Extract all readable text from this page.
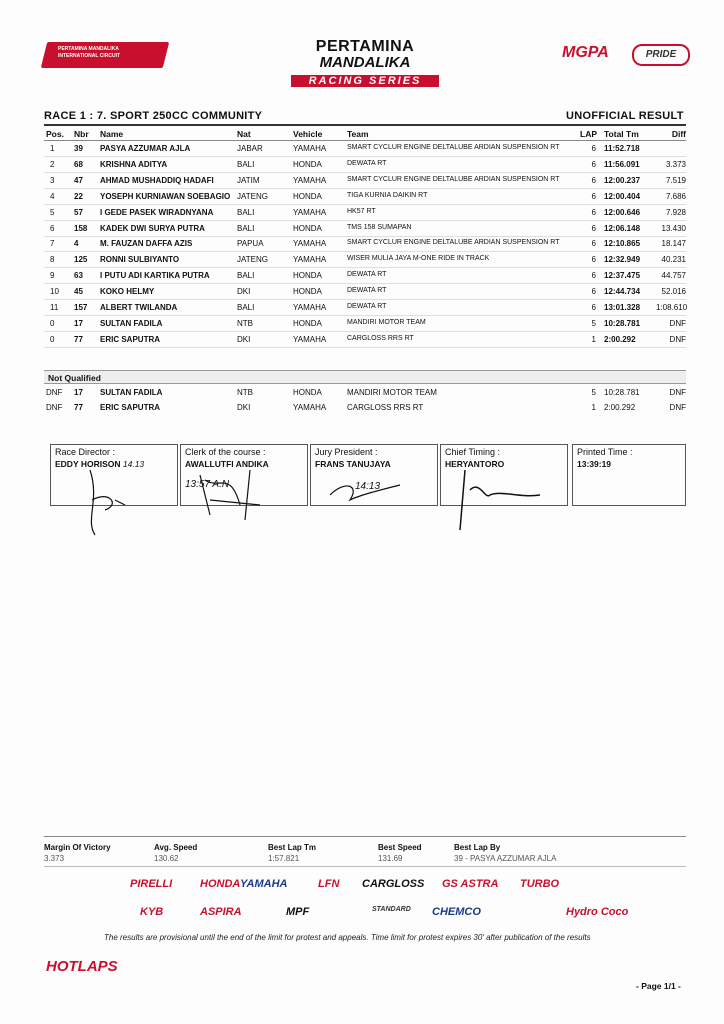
PERTAMINA MANDALIKA
INTERNATIONAL CIRCUIT
PERTAMINA
MANDALIKA
RACING SERIES
MGPA	PRIDE
RACE 1 : 7. SPORT 250CC COMMUNITY	UNOFFICIAL RESULT
Pos. Nbr	Name	Nat	Vehicle	Team	LAP Total Tm	Diff
1	39	PASYA AZZUMAR AJLA	JABAR	YAMAHA	SMART CYCLUR ENGINE DELTALUBE ARDIAN SUSPENSION RT	6 11:52.718
2	68	KRISHNA ADITYA	BALI	HONDA	DEWATA RT	6 11:56.091	3.373
3	47	AHMAD MUSHADDIQ HADAFI	JATIM	YAMAHA	SMART CYCLUR ENGINE DELTALUBE ARDIAN SUSPENSION RT	6 12:00.237	7.519
4	22	YOSEPH KURNIAWAN SOEBAGIO JATENG	HONDA	TIGA KURNIA DAIKIN RT	6 12:00.404	7.686
5	57	I GEDE PASEK WIRADNYANA	BALI	YAMAHA	HK57 RT	6 12:00.646	7.928
6	158	KADEK DWI SURYA PUTRA	BALI	HONDA	TMS 158 SUMAPAN	6 12:06.148	13.430
7	4	M. FAUZAN DAFFA AZIS	PAPUA	YAMAHA	SMART CYCLUR ENGINE DELTALUBE ARDIAN SUSPENSION RT	6 12:10.865	18.147
8	125	RONNI SULBIYANTO	JATENG	YAMAHA	WISER MULIA JAYA M-ONE RIDE IN TRACK	6 12:32.949	40.231
9	63	I PUTU ADI KARTIKA PUTRA	BALI	HONDA	DEWATA RT	6 12:37.475	44.757
10	45	KOKO HELMY	DKI	HONDA	DEWATA RT	6 12:44.734	52.016
11	157	ALBERT TWILANDA	BALI	YAMAHA	DEWATA RT	6 13:01.328	1:08.610
0	17	SULTAN FADILA	NTB	HONDA	MANDIRI MOTOR TEAM	5 10:28.781	DNF
0	77	ERIC SAPUTRA	DKI	YAMAHA	CARGLOSS RRS RT	1 2:00.292	DNF
Not Qualified
DNF	17	SULTAN FADILA	NTB	HONDA	MANDIRI MOTOR TEAM	5 10:28.781	DNF
DNF	77	ERIC SAPUTRA	DKI	YAMAHA	CARGLOSS RRS RT	1 2:00.292	DNF
Race Director :
EDDY HORISON 14.13
Clerk of the course :
AWALLUTFI ANDIKA
13:57 A.N
Jury President :
FRANS TANUJAYA
14:13
Chief Timing :
HERYANTORO
Printed Time :
13:39:19
Margin Of Victory
3.373
Avg. Speed
130.62
Best Lap Tm
1:57.821
Best Speed
131.69
Best Lap By
39 - PASYA AZZUMAR AJLA
PIRELLI	HONDA YAMAHA	LFN CARGLOSS GS ASTRA TURBO
KYB	ASPIRA	MPF	CHEMCO
STANDARD	Hydro Coco
The results are provisional until the end of the limit for protest and appeals. Time limit for protest expires 30' after publication of the results
HOTLAPS
- Page 1/1 -
